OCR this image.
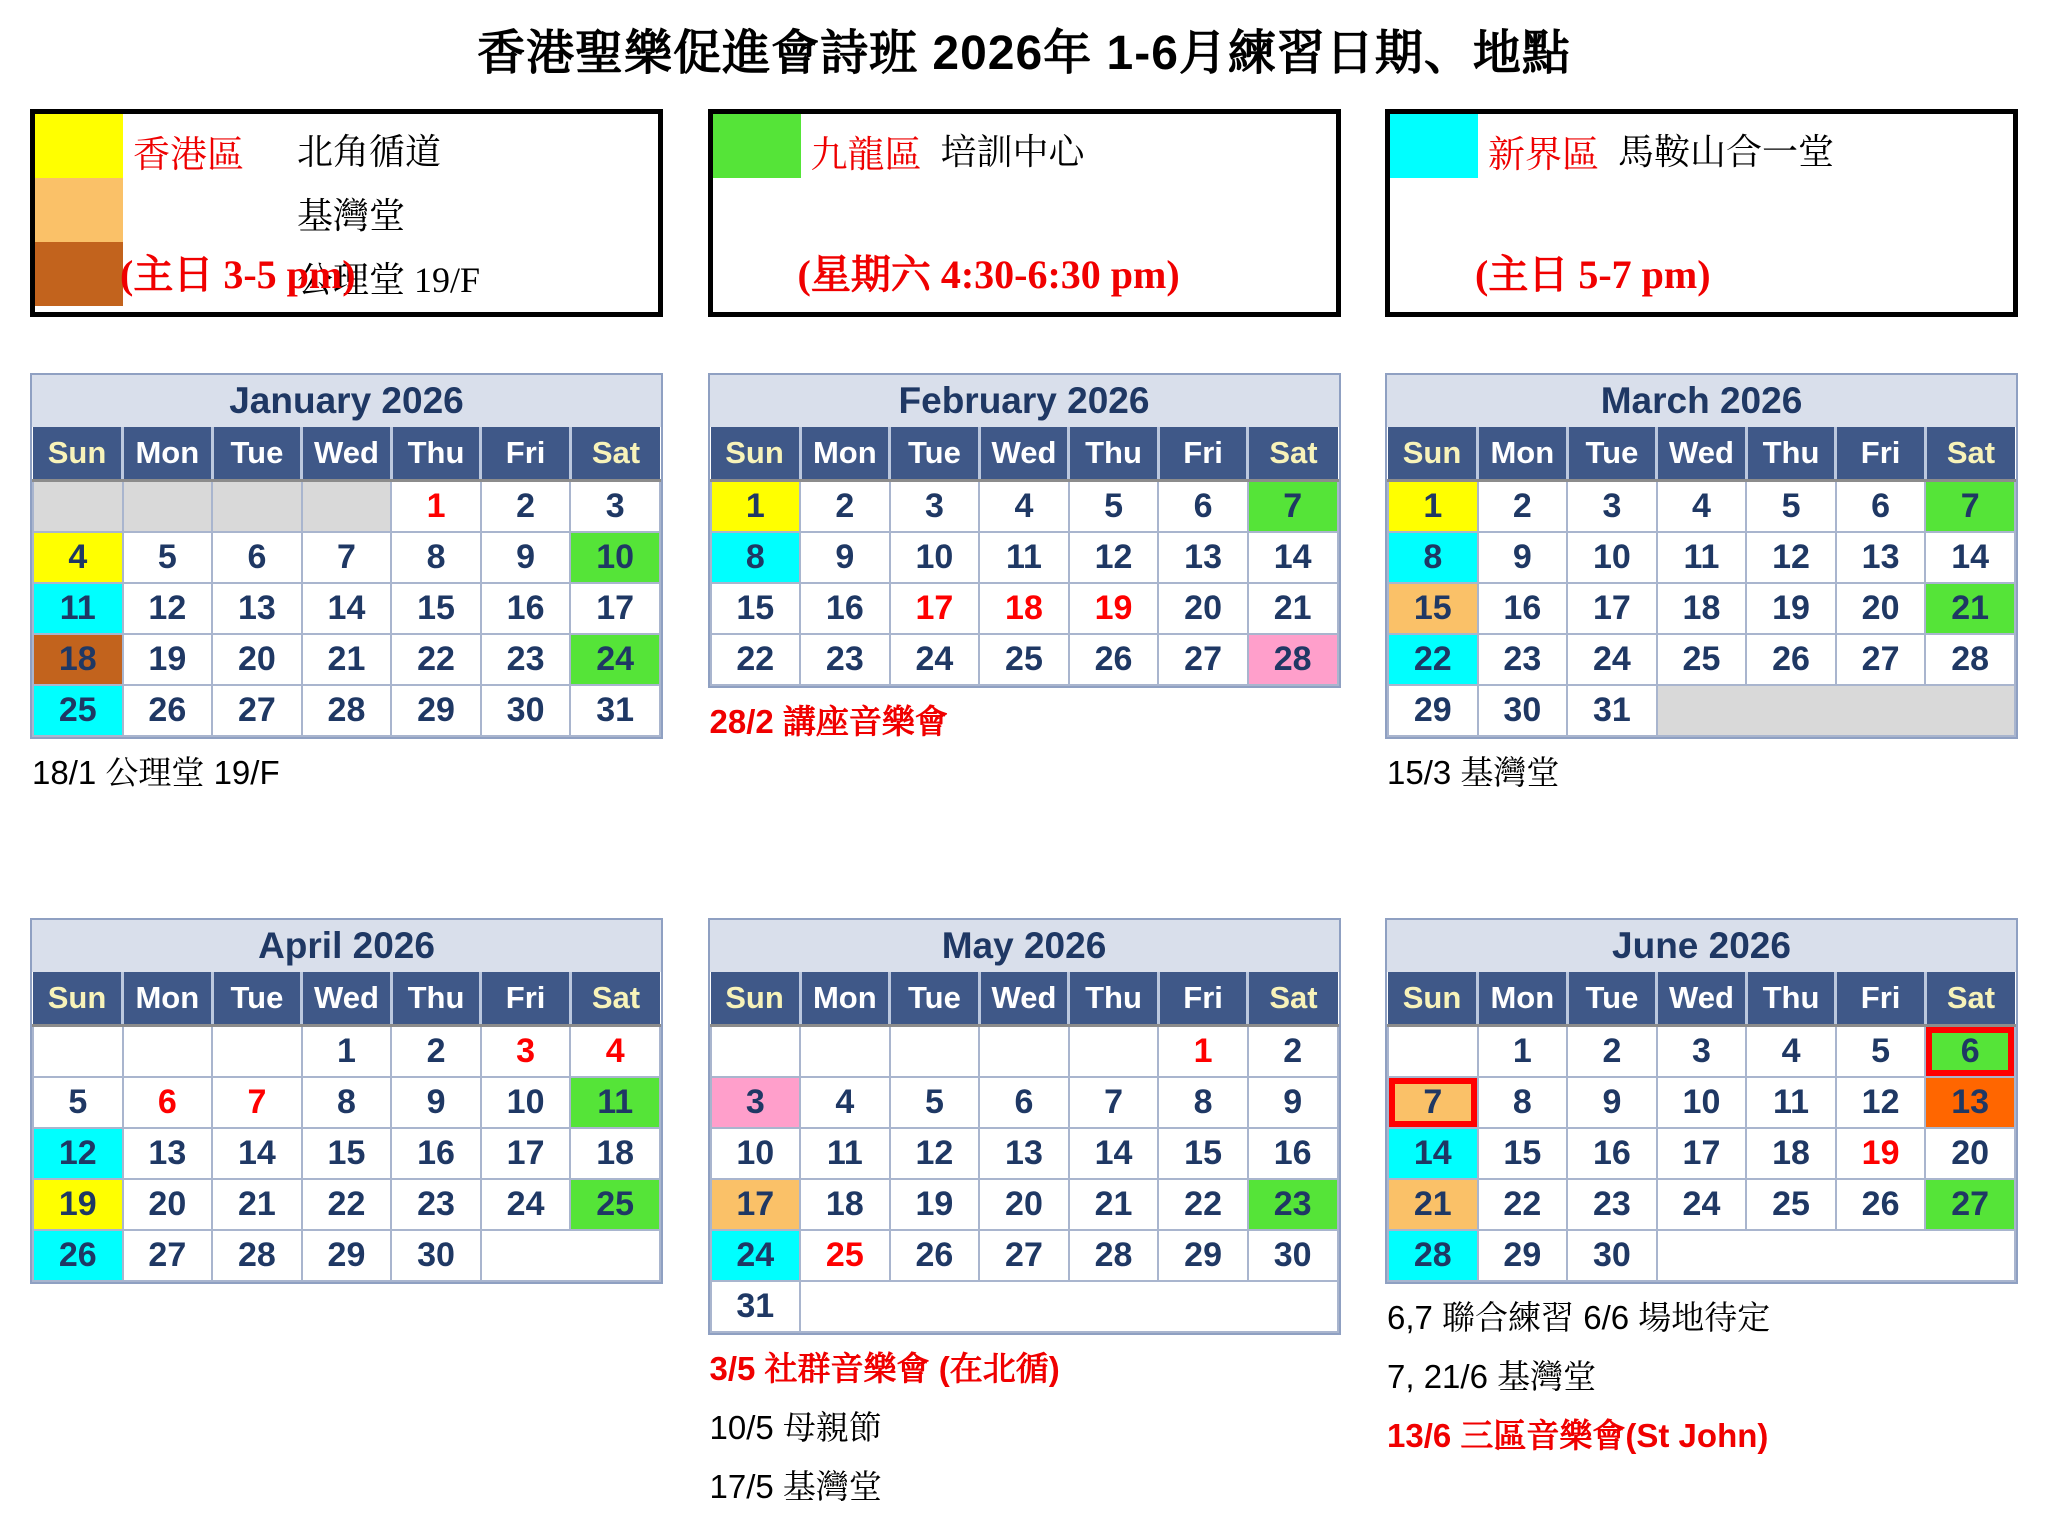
香港聖樂促進會詩班 2026年 1-6月練習日期、地點
香港區 北角循道
基灣堂
公理堂 19/F
(主日 3-5 pm)
九龍區 培訓中心
(星期六 4:30-6:30 pm)
新界區 馬鞍山合一堂
(主日 5-7 pm)
January 2026
Sun	Mon	Tue	Wed	Thu	Fri	Sat
				1	2	3
4	5	6	7	8	9	10
11	12	13	14	15	16	17
18	19	20	21	22	23	24
25	26	27	28	29	30	31
18/1 公理堂 19/F
February 2026
Sun	Mon	Tue	Wed	Thu	Fri	Sat
1	2	3	4	5	6	7
8	9	10	11	12	13	14
15	16	17	18	19	20	21
22	23	24	25	26	27	28
28/2 講座音樂會
March 2026
Sun	Mon	Tue	Wed	Thu	Fri	Sat
1	2	3	4	5	6	7
8	9	10	11	12	13	14
15	16	17	18	19	20	21
22	23	24	25	26	27	28
29	30	31				
15/3 基灣堂
April 2026
Sun	Mon	Tue	Wed	Thu	Fri	Sat
			1	2	3	4
5	6	7	8	9	10	11
12	13	14	15	16	17	18
19	20	21	22	23	24	25
26	27	28	29	30		
May 2026
Sun	Mon	Tue	Wed	Thu	Fri	Sat
					1	2
3	4	5	6	7	8	9
10	11	12	13	14	15	16
17	18	19	20	21	22	23
24	25	26	27	28	29	30
31						
3/5 社群音樂會 (在北循)
10/5 母親節
17/5 基灣堂
June 2026
Sun	Mon	Tue	Wed	Thu	Fri	Sat
	1	2	3	4	5	6
7	8	9	10	11	12	13
14	15	16	17	18	19	20
21	22	23	24	25	26	27
28	29	30				
6,7 聯合練習 6/6 場地待定
7, 21/6 基灣堂
13/6 三區音樂會(St John)
